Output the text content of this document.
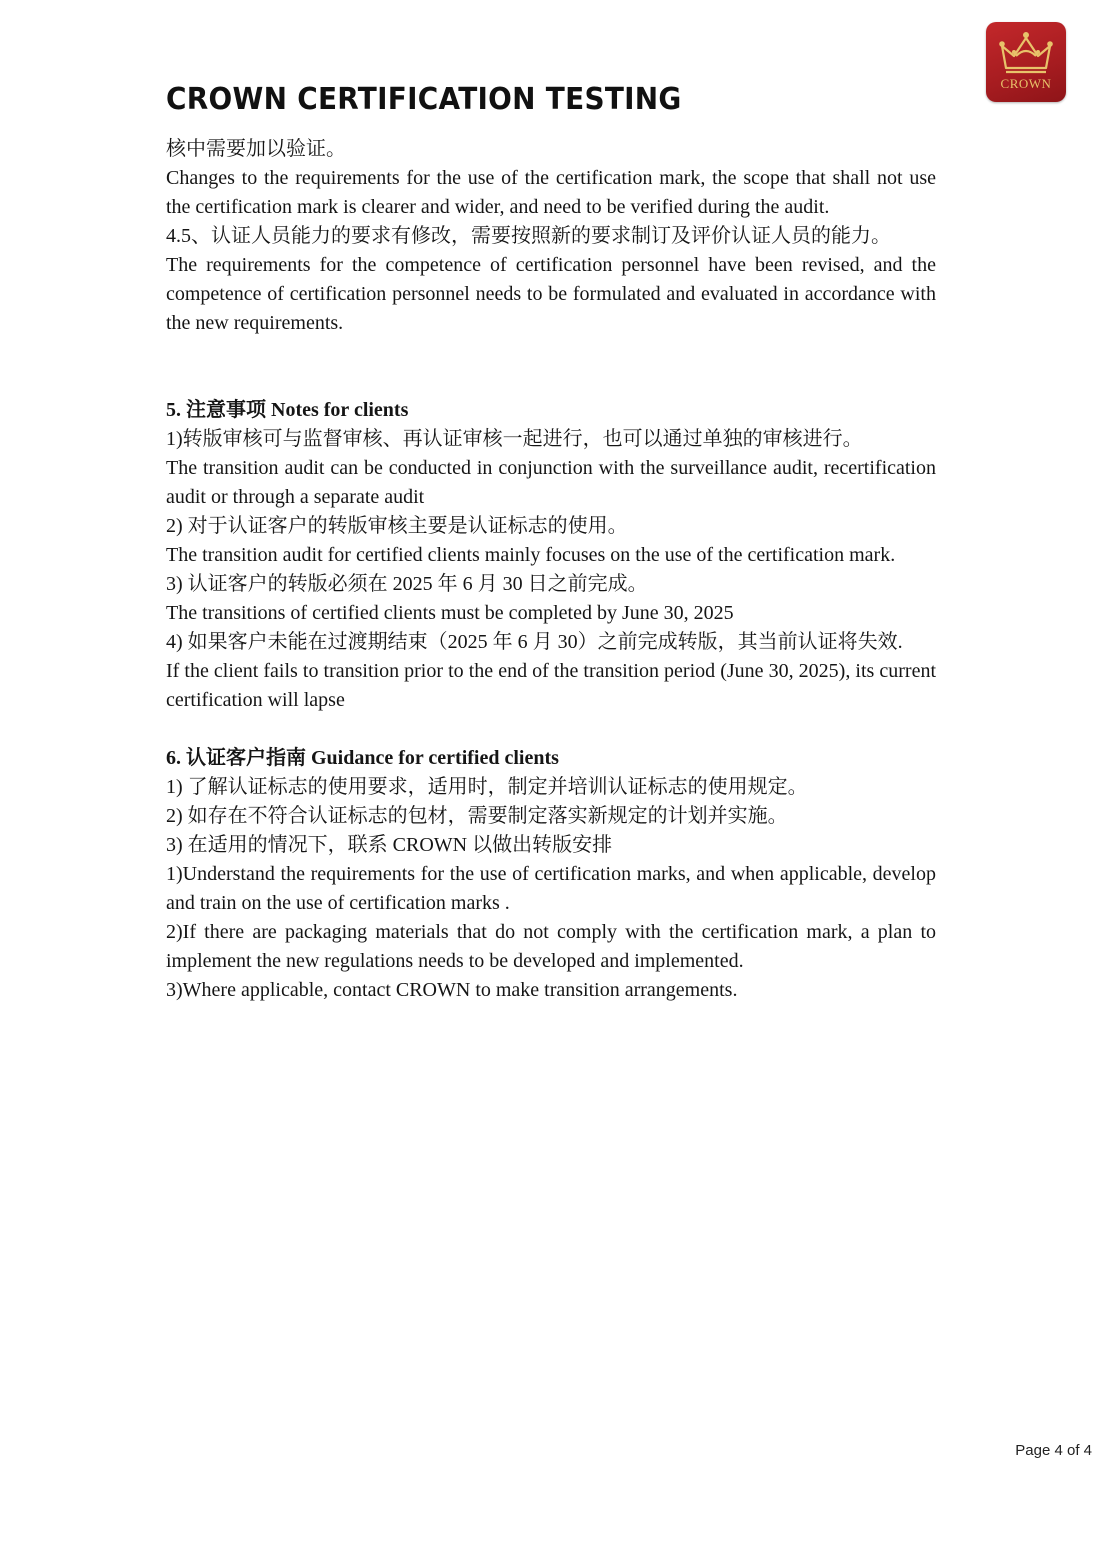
CROWN
CROWN CERTIFICATION TESTING

核中需要加以验证。

Changes to the requirements for the use of the certification mark, the scope that shall not use the certification mark is clearer and wider, and need to be verified during the audit.

4.5、认证人员能力的要求有修改，需要按照新的要求制订及评价认证人员的能力。

The requirements for the competence of certification personnel have been revised, and the competence of certification personnel needs to be formulated and evaluated in accordance with the new requirements.

5. 注意事项 Notes for clients

1)转版审核可与监督审核、再认证审核一起进行，也可以通过单独的审核进行。

The transition audit can be conducted in conjunction with the surveillance audit, recertification audit or through a separate audit

2) 对于认证客户的转版审核主要是认证标志的使用。

The transition audit for certified clients mainly focuses on the use of the certification mark.

3) 认证客户的转版必须在 2025 年 6 月 30 日之前完成。

The transitions of certified clients must be completed by June 30, 2025

4) 如果客户未能在过渡期结束（2025 年 6 月 30）之前完成转版，其当前认证将失效.

If the client fails to transition prior to the end of the transition period (June 30, 2025), its current certification will lapse

6. 认证客户指南 Guidance for certified clients

1) 了解认证标志的使用要求，适用时，制定并培训认证标志的使用规定。

2) 如存在不符合认证标志的包材，需要制定落实新规定的计划并实施。

3) 在适用的情况下，联系 CROWN 以做出转版安排

1)Understand the requirements for the use of certification marks, and when applicable, develop and train on the use of certification marks .

2)If there are packaging materials that do not comply with the certification mark, a plan to implement the new regulations needs to be developed and implemented.

3)Where applicable, contact CROWN to make transition arrangements.

Page 4 of 4
